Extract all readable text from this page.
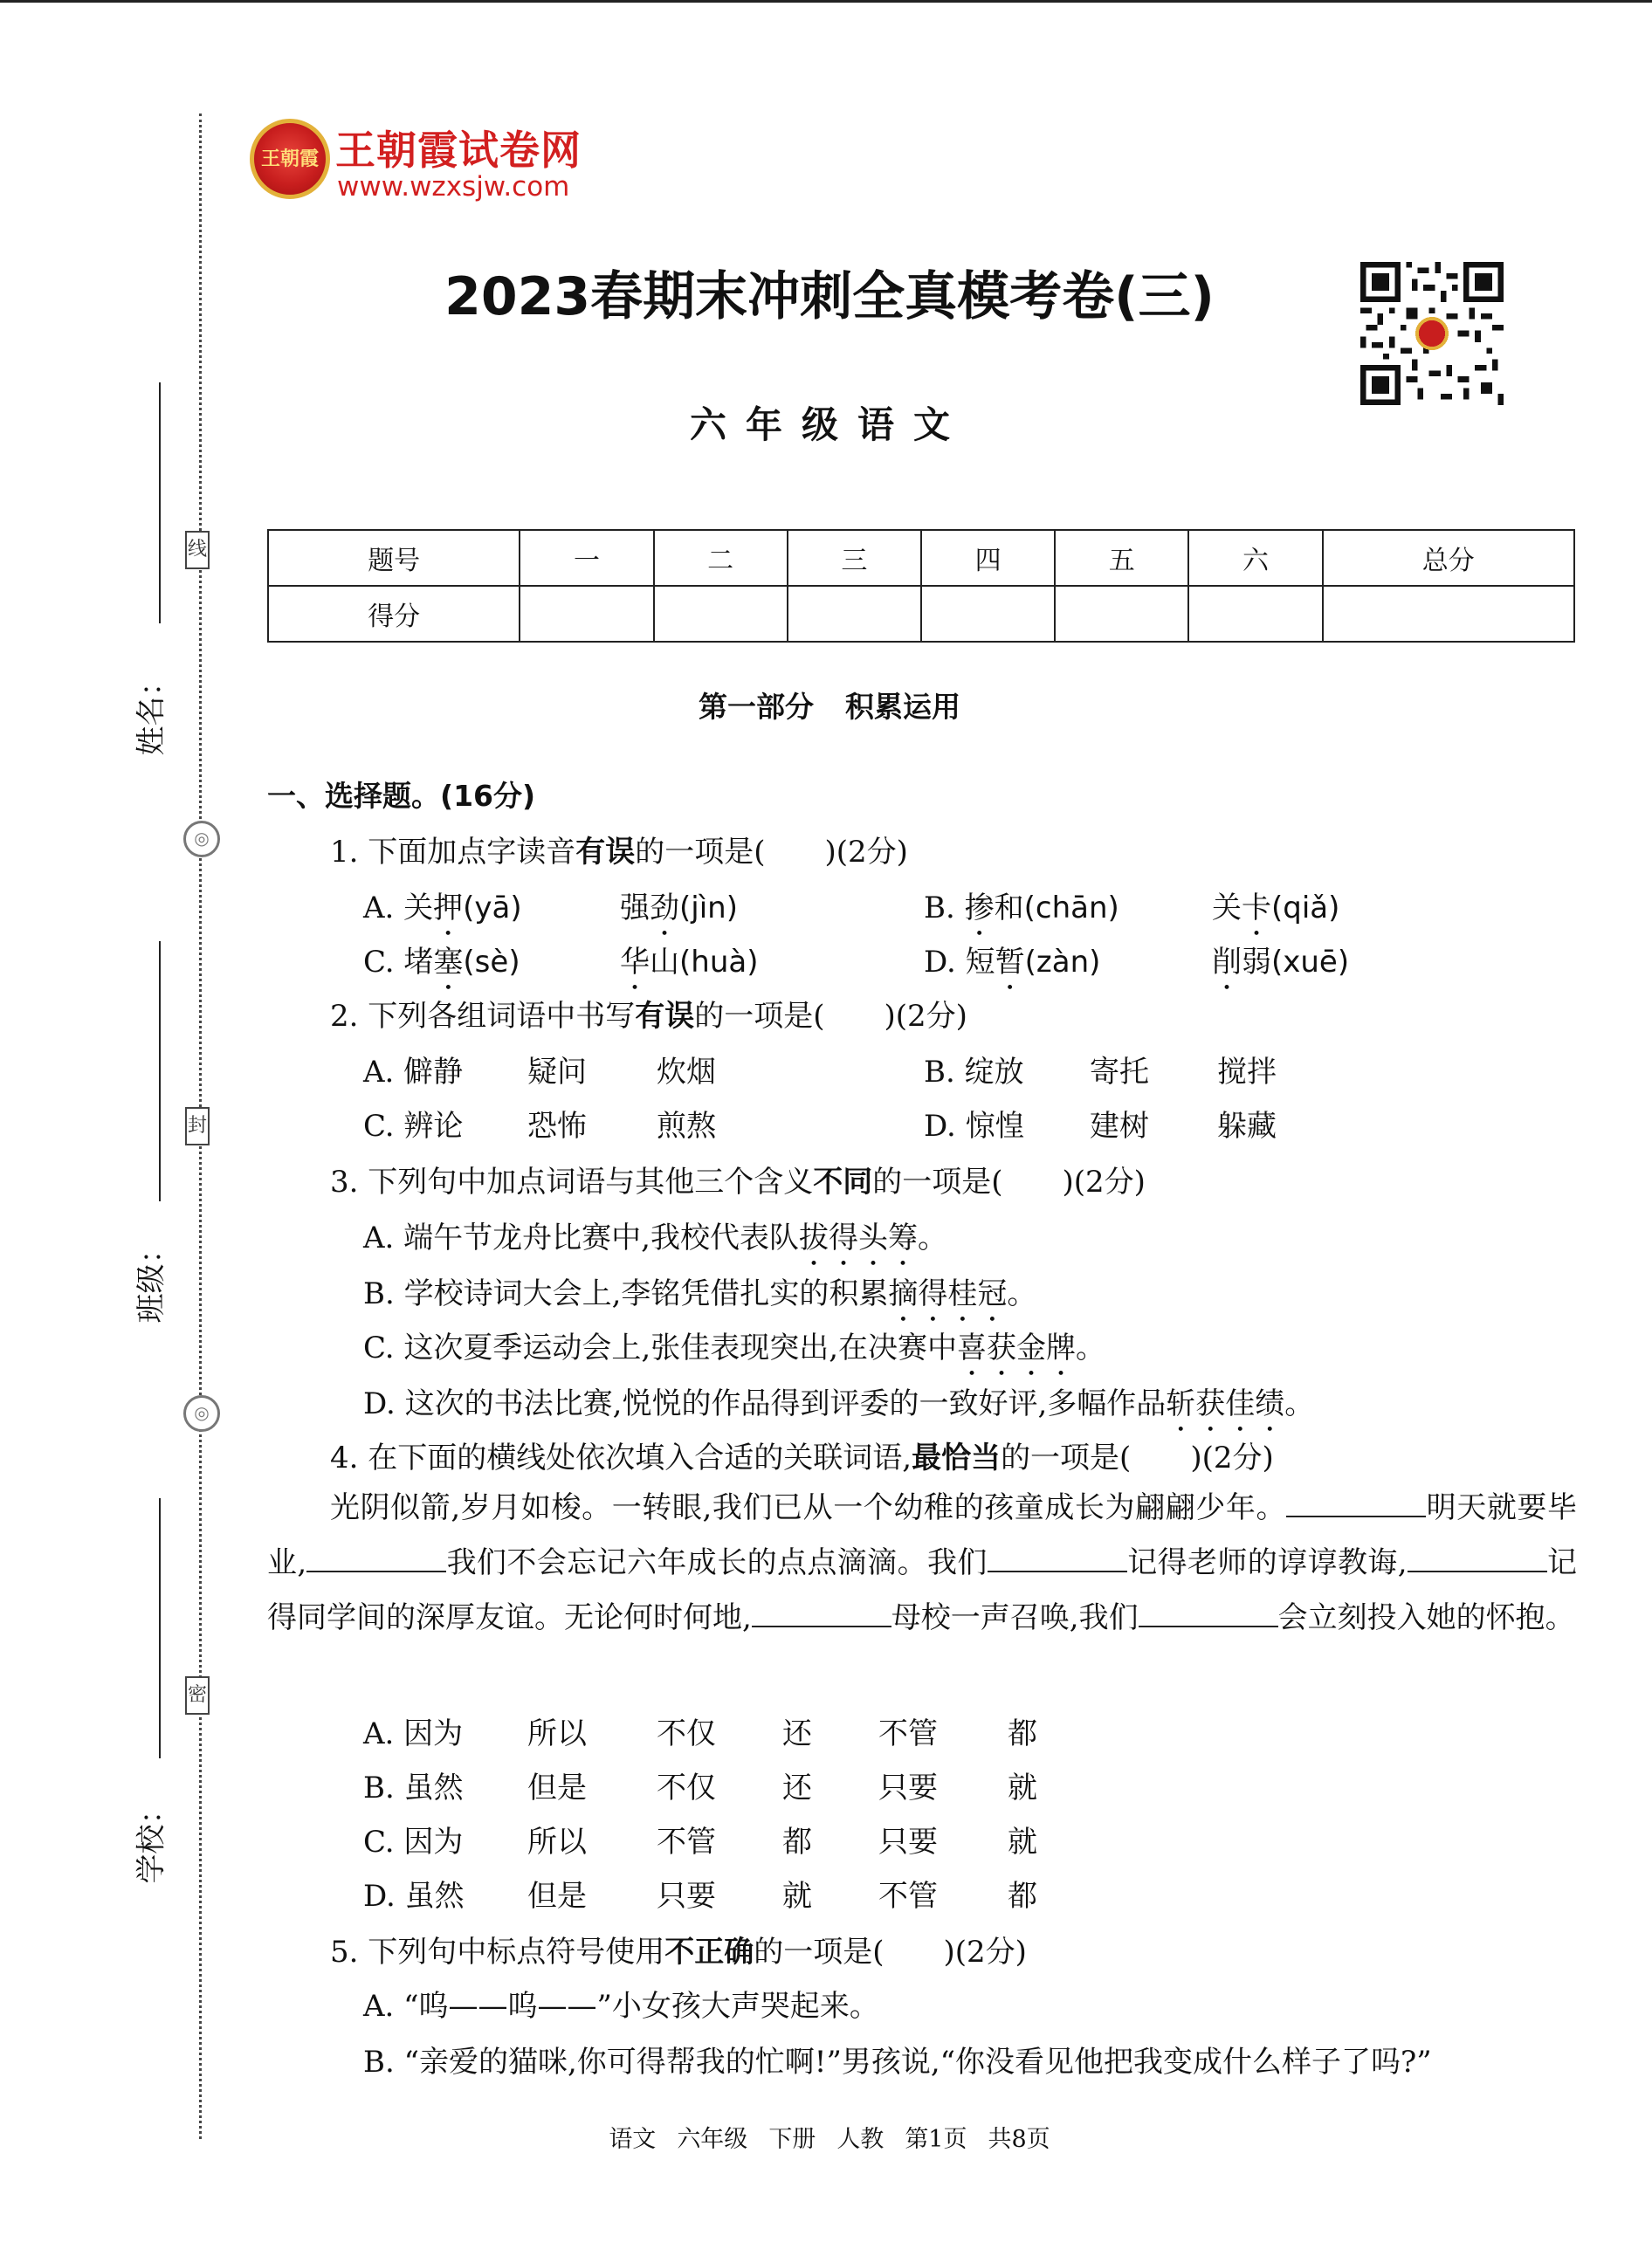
线
封
密
◎
◎
姓名：
班级：
学校：
王朝霞 王朝霞试卷网
www.wzxsjw.com
2023春期末冲刺全真模考卷(三)
六年级语文
题号	一	二	三	四	五	六	总分
得分							
第一部分 积累运用
一、选择题。(16分)
1. 下面加点字读音有误的一项是(　　)(2分)
A. 关押(yā)	强劲(jìn)	B. 掺和(chān)	关卡(qiǎ)
C. 堵塞(sè)	华山(huà)	D. 短暂(zàn)	削弱(xuē)
2. 下列各组词语中书写有误的一项是(　　)(2分)
A. 僻静 疑问 炊烟	B. 绽放 寄托 搅拌
C. 辨论 恐怖 煎熬	D. 惊惶 建树 躲藏
3. 下列句中加点词语与其他三个含义不同的一项是(　　)(2分)
A. 端午节龙舟比赛中,我校代表队拔得头筹。
B. 学校诗词大会上,李铭凭借扎实的积累摘得桂冠。
C. 这次夏季运动会上,张佳表现突出,在决赛中喜获金牌。
D. 这次的书法比赛,悦悦的作品得到评委的一致好评,多幅作品斩获佳绩。
4. 在下面的横线处依次填入合适的关联词语,最恰当的一项是(　　)(2分)
光阴似箭,岁月如梭。一转眼,我们已从一个幼稚的孩童成长为翩翩少年。	明天就要毕业,	我们不会忘记六年成长的点点滴滴。我们	记得老师的谆谆教诲,	记得同学间的深厚友谊。无论何时何地,	母校一声召唤,我们	会立刻投入她的怀抱。
A. 因为 所以 不仅 还 不管 都
B. 虽然 但是 不仅 还 只要 就
C. 因为 所以 不管 都 只要 就
D. 虽然 但是 只要 就 不管 都
5. 下列句中标点符号使用不正确的一项是(　　)(2分)
A. “呜——呜——”小女孩大声哭起来。
B. “亲爱的猫咪,你可得帮我的忙啊!”男孩说,“你没看见他把我变成什么样子了吗?”
语文 六年级 下册 人教 第1页 共8页
